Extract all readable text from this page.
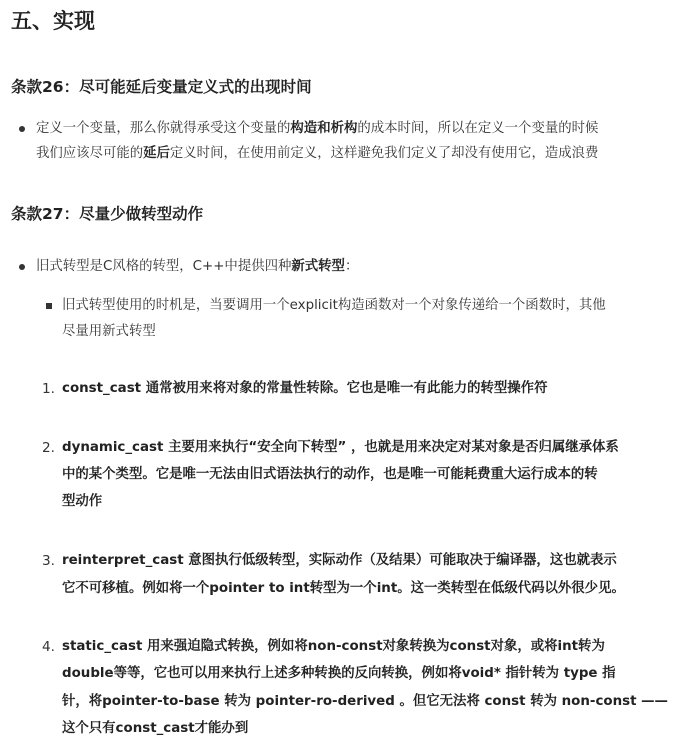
五、实现
条款26：尽可能延后变量定义式的出现时间
定义一个变量，那么你就得承受这个变量的构造和析构的成本时间，所以在定义一个变量的时候
我们应该尽可能的延后定义时间，在使用前定义，这样避免我们定义了却没有使用它，造成浪费
条款27：尽量少做转型动作
旧式转型是C风格的转型，C++中提供四种新式转型：
旧式转型使用的时机是，当要调用一个explicit构造函数对一个对象传递给一个函数时，其他
尽量用新式转型
1. const_cast 通常被用来将对象的常量性转除。它也是唯一有此能力的转型操作符
2. dynamic_cast 主要用来执行“安全向下转型” ，也就是用来决定对某对象是否归属继承体系
中的某个类型。它是唯一无法由旧式语法执行的动作，也是唯一可能耗费重大运行成本的转
型动作
3. reinterpret_cast 意图执行低级转型，实际动作（及结果）可能取决于编译器，这也就表示
它不可移植。例如将一个pointer to int转型为一个int。这一类转型在低级代码以外很少见。
4. static_cast 用来强迫隐式转换，例如将non-const对象转换为const对象，或将int转为
double等等，它也可以用来执行上述多种转换的反向转换，例如将void* 指针转为 type 指
针，将pointer-to-base 转为 pointer-ro-derived 。但它无法将 const 转为 non-const ——
这个只有const_cast才能办到
